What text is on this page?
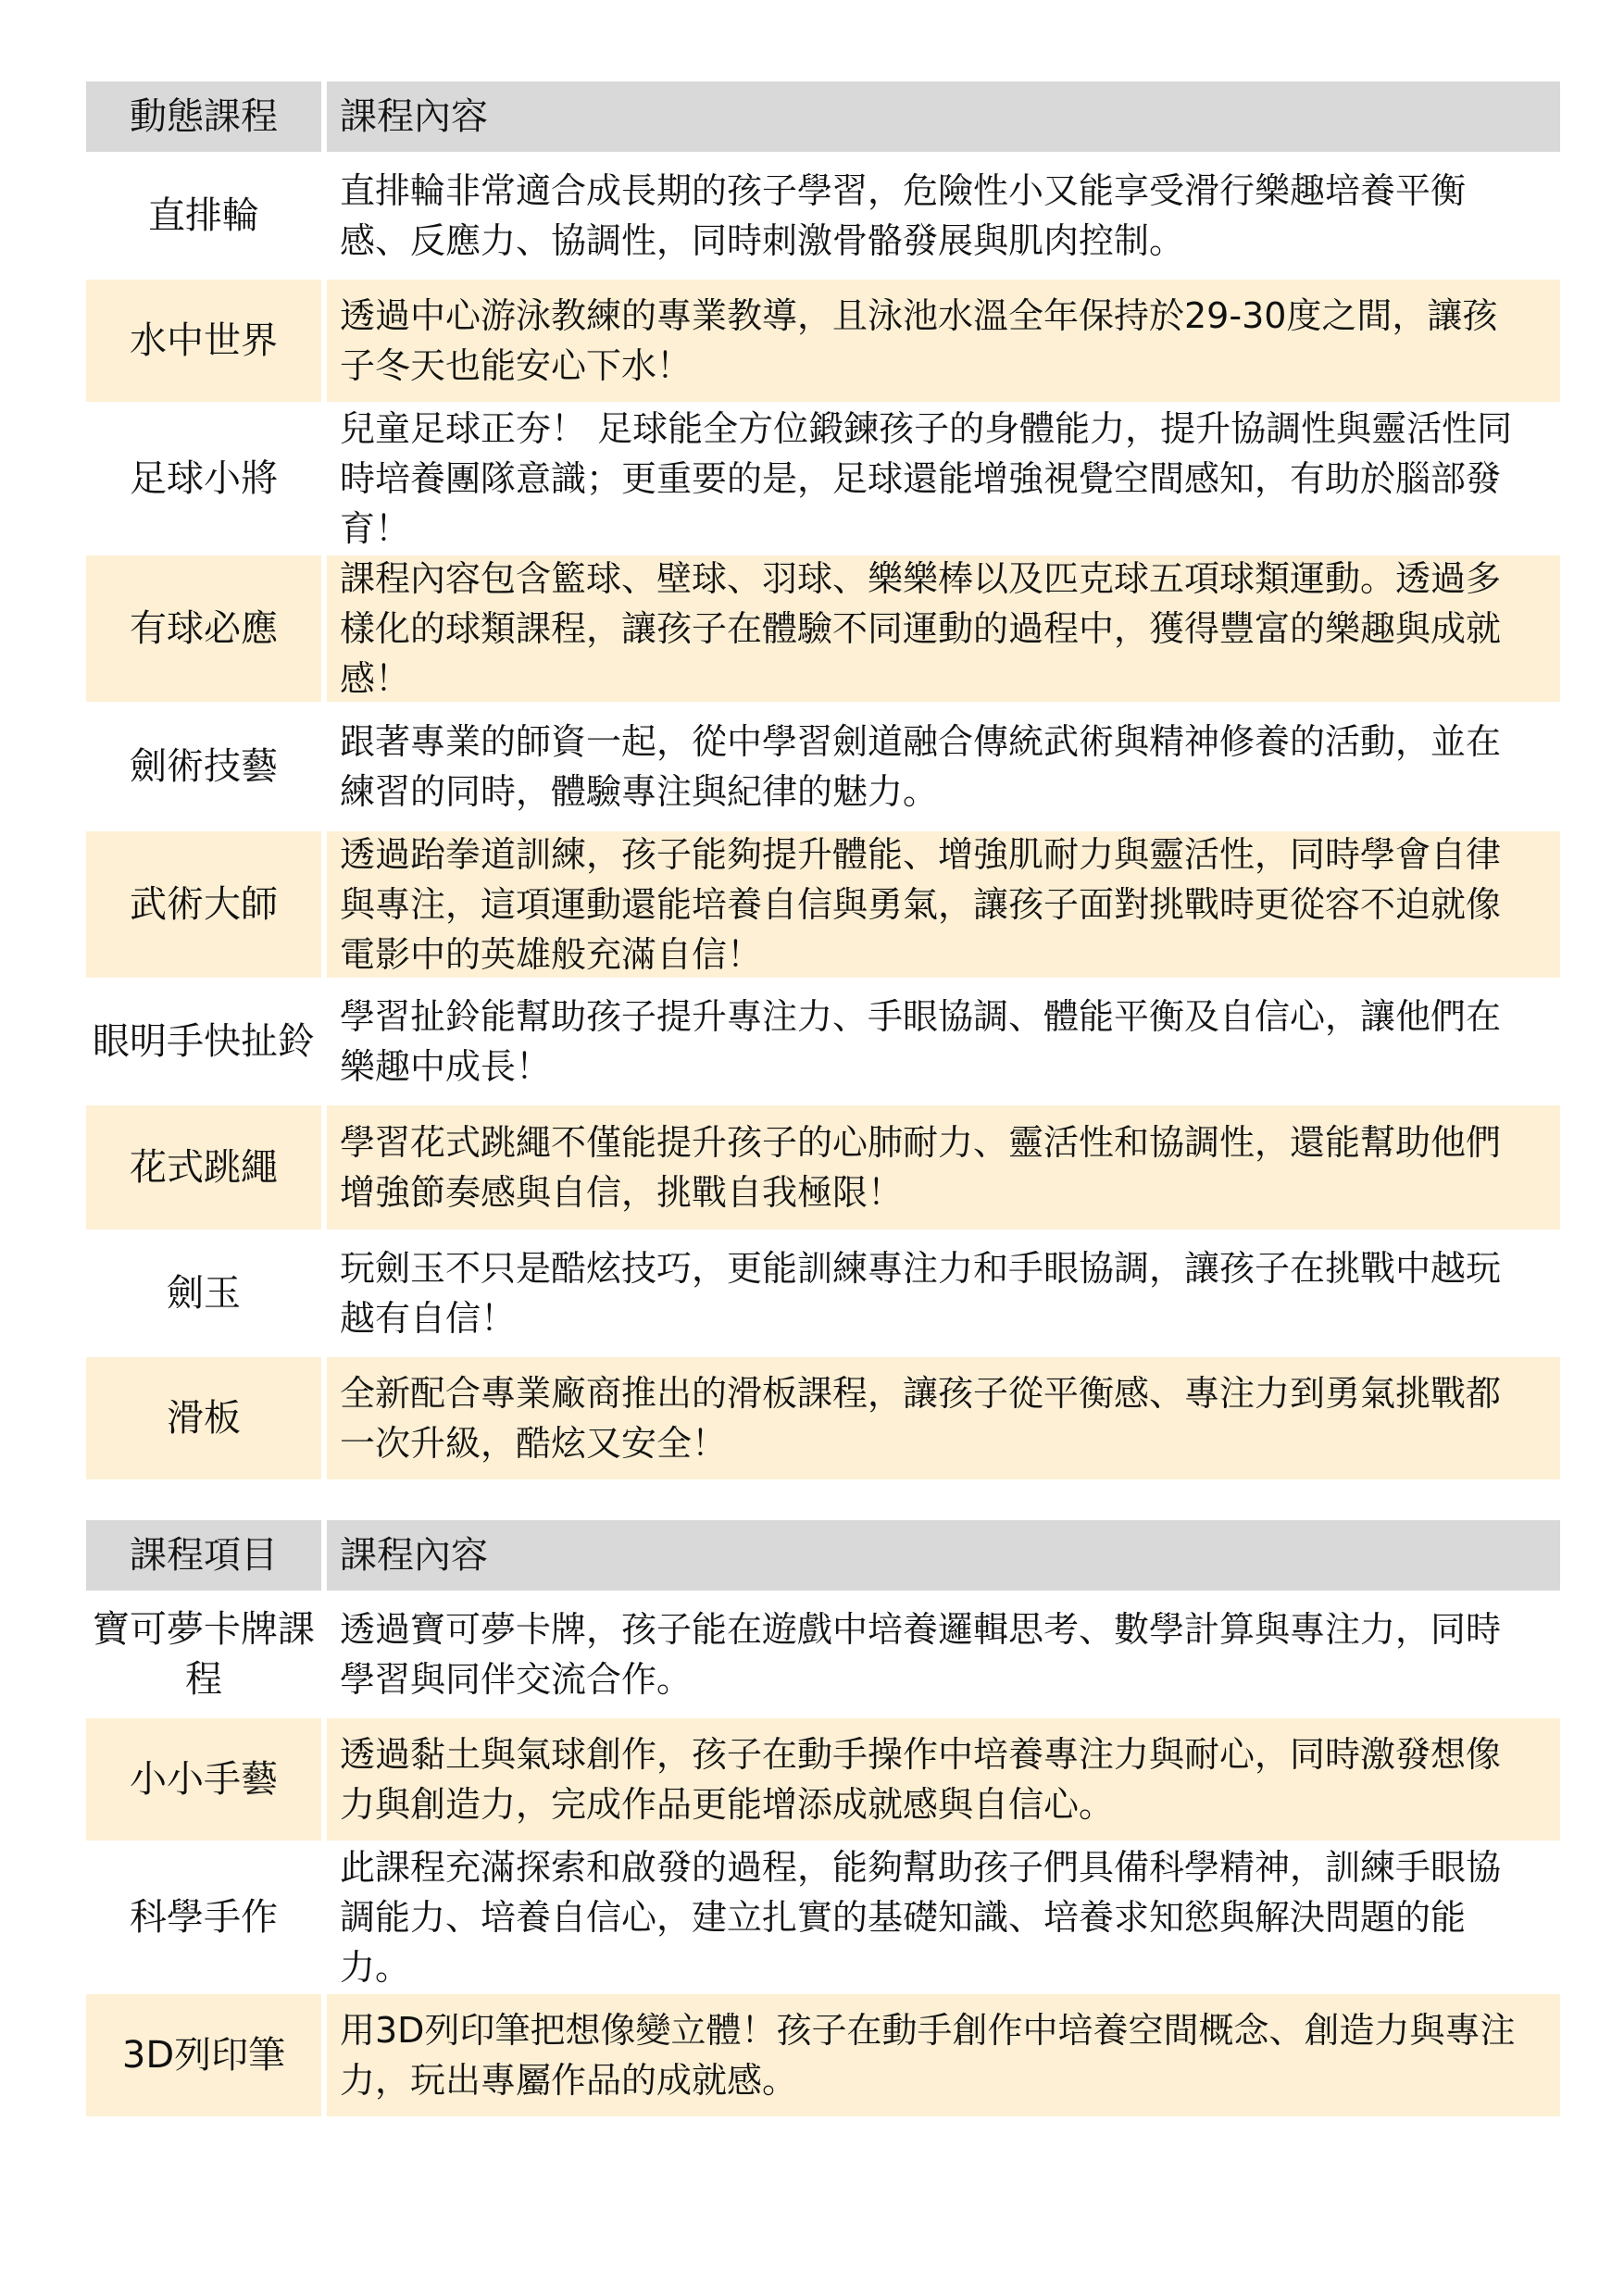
動態課程	課程內容
直排輪
直排輪非常適合成長期的孩子學習，危險性小又能享受滑行樂趣培養平衡感、反應力、協調性，同時刺激骨骼發展與肌肉控制。
水中世界
透過中心游泳教練的專業教導，且泳池水溫全年保持於29-30度之間，讓孩子冬天也能安心下水！
足球小將
兒童足球正夯！ 足球能全方位鍛鍊孩子的身體能力，提升協調性與靈活性同時培養團隊意識；更重要的是，足球還能增強視覺空間感知，有助於腦部發育！
有球必應
課程內容包含籃球、壁球、羽球、樂樂棒以及匹克球五項球類運動。透過多樣化的球類課程，讓孩子在體驗不同運動的過程中，獲得豐富的樂趣與成就感！
劍術技藝
跟著專業的師資一起，從中學習劍道融合傳統武術與精神修養的活動，並在練習的同時，體驗專注與紀律的魅力。
武術大師
透過跆拳道訓練，孩子能夠提升體能、增強肌耐力與靈活性，同時學會自律與專注，這項運動還能培養自信與勇氣，讓孩子面對挑戰時更從容不迫就像電影中的英雄般充滿自信！
眼明手快扯鈴
學習扯鈴能幫助孩子提升專注力、手眼協調、體能平衡及自信心，讓他們在樂趣中成長！
花式跳繩
學習花式跳繩不僅能提升孩子的心肺耐力、靈活性和協調性，還能幫助他們增強節奏感與自信，挑戰自我極限！
劍玉
玩劍玉不只是酷炫技巧，更能訓練專注力和手眼協調，讓孩子在挑戰中越玩越有自信！
滑板
全新配合專業廠商推出的滑板課程，讓孩子從平衡感、專注力到勇氣挑戰都一次升級，酷炫又安全！
課程項目	課程內容
寶可夢卡牌課程
透過寶可夢卡牌，孩子能在遊戲中培養邏輯思考、數學計算與專注力，同時學習與同伴交流合作。
小小手藝
透過黏土與氣球創作，孩子在動手操作中培養專注力與耐心，同時激發想像力與創造力，完成作品更能增添成就感與自信心。
科學手作
此課程充滿探索和啟發的過程，能夠幫助孩子們具備科學精神，訓練手眼協調能力、培養自信心，建立扎實的基礎知識、培養求知慾與解決問題的能力。
3D列印筆
用3D列印筆把想像變立體！孩子在動手創作中培養空間概念、創造力與專注力，玩出專屬作品的成就感。
